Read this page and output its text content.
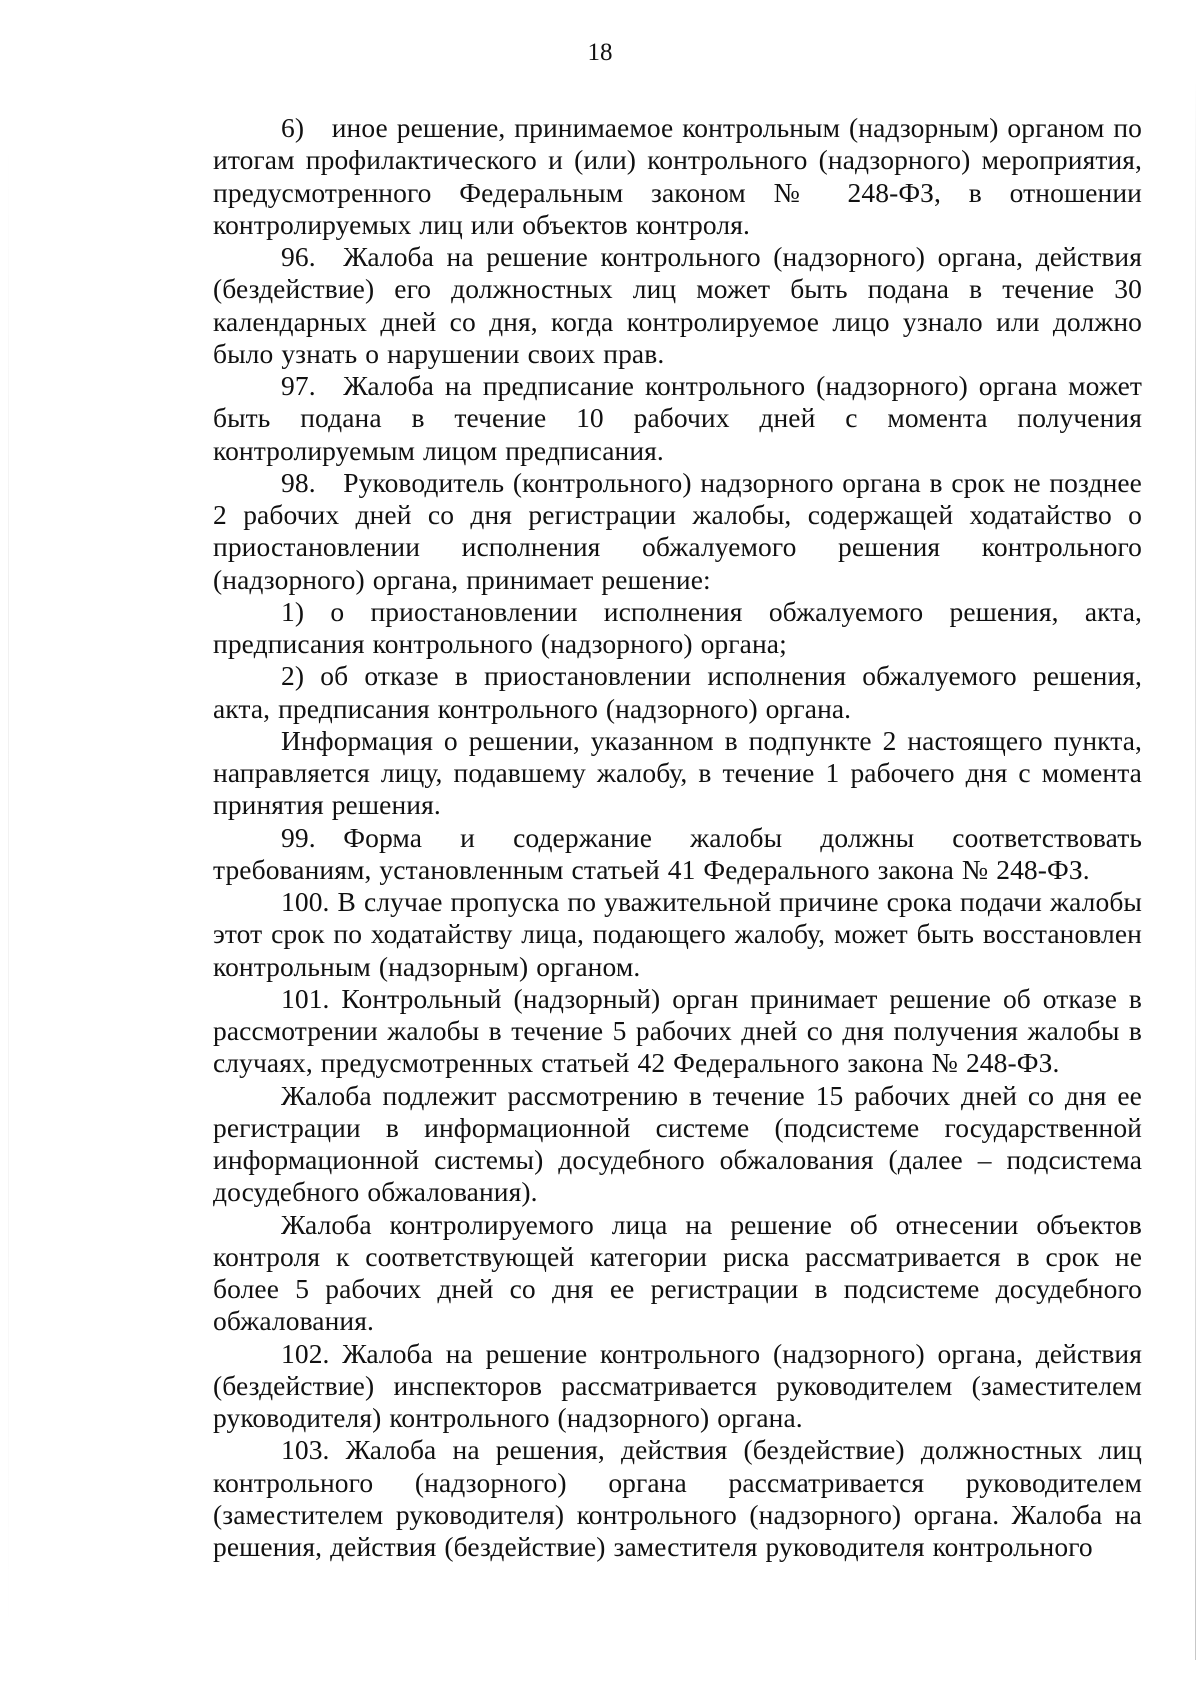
18

6) иное решение, принимаемое контрольным (надзорным) органом по итогам профилактического и (или) контрольного (надзорного) мероприятия, предусмотренного Федеральным законом № 248-ФЗ, в отношении контролируемых лиц или объектов контроля.

96. Жалоба на решение контрольного (надзорного) органа, действия (бездействие) его должностных лиц может быть подана в течение 30 календарных дней со дня, когда контролируемое лицо узнало или должно было узнать о нарушении своих прав.

97. Жалоба на предписание контрольного (надзорного) органа может быть подана в течение 10 рабочих дней с момента получения контролируемым лицом предписания.

98. Руководитель (контрольного) надзорного органа в срок не позднее 2 рабочих дней со дня регистрации жалобы, содержащей ходатайство о приостановлении исполнения обжалуемого решения контрольного (надзорного) органа, принимает решение:

1) о приостановлении исполнения обжалуемого решения, акта, предписания контрольного (надзорного) органа;

2) об отказе в приостановлении исполнения обжалуемого решения, акта, предписания контрольного (надзорного) органа.

Информация о решении, указанном в подпункте 2 настоящего пункта, направляется лицу, подавшему жалобу, в течение 1 рабочего дня с момента принятия решения.

99. Форма и содержание жалобы должны соответствовать требованиям, установленным статьей 41 Федерального закона № 248-ФЗ.

100. В случае пропуска по уважительной причине срока подачи жалобы этот срок по ходатайству лица, подающего жалобу, может быть восстановлен контрольным (надзорным) органом.

101. Контрольный (надзорный) орган принимает решение об отказе в рассмотрении жалобы в течение 5 рабочих дней со дня получения жалобы в случаях, предусмотренных статьей 42 Федерального закона № 248-ФЗ.

Жалоба подлежит рассмотрению в течение 15 рабочих дней со дня ее регистрации в информационной системе (подсистеме государственной информационной системы) досудебного обжалования (далее – подсистема досудебного обжалования).

Жалоба контролируемого лица на решение об отнесении объектов контроля к соответствующей категории риска рассматривается в срок не более 5 рабочих дней со дня ее регистрации в подсистеме досудебного обжалования.

102. Жалоба на решение контрольного (надзорного) органа, действия (бездействие) инспекторов рассматривается руководителем (заместителем руководителя) контрольного (надзорного) органа.

103. Жалоба на решения, действия (бездействие) должностных лиц контрольного (надзорного) органа рассматривается руководителем (заместителем руководителя) контрольного (надзорного) органа. Жалоба на решения, действия (бездействие) заместителя руководителя контрольного
